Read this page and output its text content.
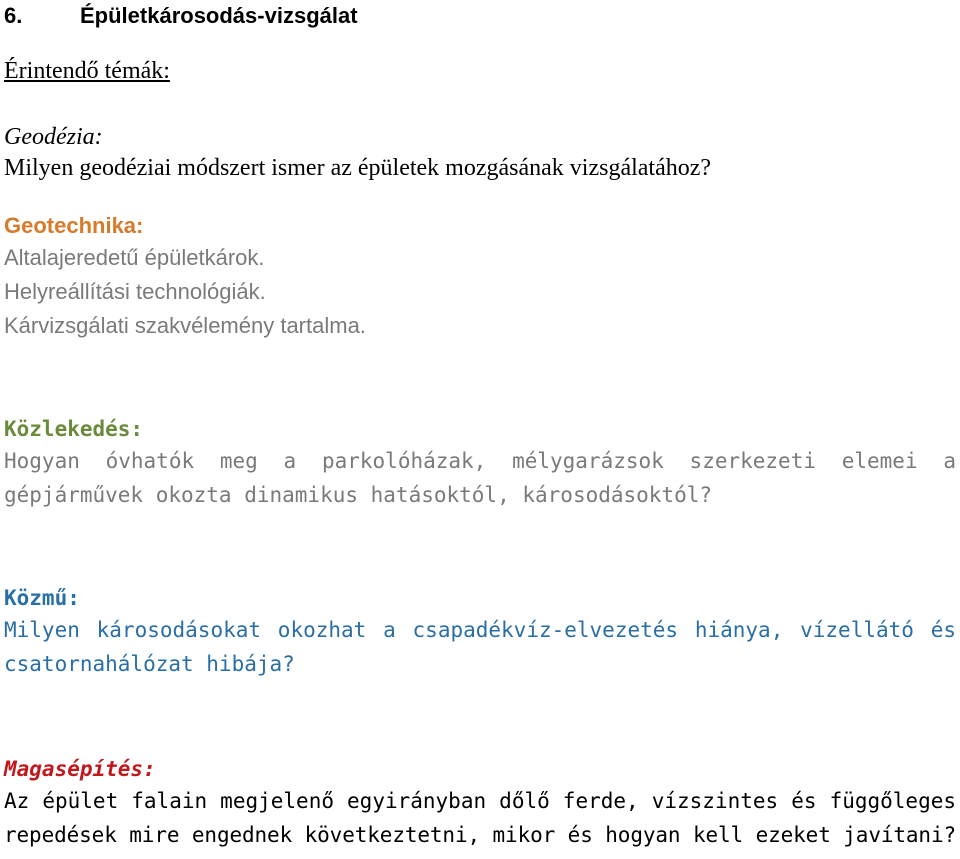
6.	Épületkárosodás-vizsgálat
Érintendő témák:
Geodézia:
Milyen geodéziai módszert ismer az épületek mozgásának vizsgálatához?
Geotechnika:
Altalajeredetű épületkárok.
Helyreállítási technológiák.
Kárvizsgálati szakvélemény tartalma.
Közlekedés:
Hogyan óvhatók meg a parkolóházak, mélygarázsok szerkezeti elemei a
gépjárművek okozta dinamikus hatásoktól, károsodásoktól?
Közmű:
Milyen károsodásokat okozhat a csapadékvíz-elvezetés hiánya, vízellátó és
csatornahálózat hibája?
Magasépítés:
Az épület falain megjelenő egyirányban dőlő ferde, vízszintes és függőleges
repedések mire engednek következtetni, mikor és hogyan kell ezeket javítani?
